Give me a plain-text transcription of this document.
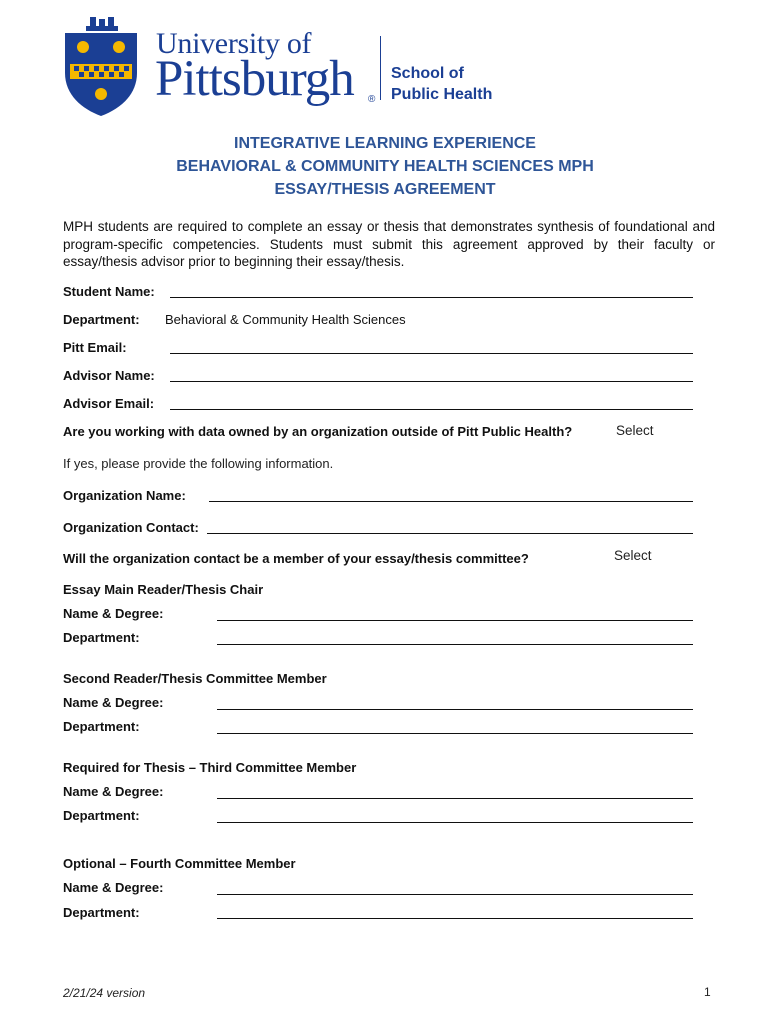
University of
Pittsburgh ®
School of
Public Health
INTEGRATIVE LEARNING EXPERIENCE
BEHAVIORAL & COMMUNITY HEALTH SCIENCES MPH
ESSAY/THESIS AGREEMENT
MPH students are required to complete an essay or thesis that demonstrates synthesis of foundational and program-specific competencies. Students must submit this agreement approved by their faculty or essay/thesis advisor prior to beginning their essay/thesis.
Student Name:
Department: Behavioral & Community Health Sciences
Pitt Email:
Advisor Name:
Advisor Email:
Are you working with data owned by an organization outside of Pitt Public Health?	Select
If yes, please provide the following information.
Organization Name:
Organization Contact:
Will the organization contact be a member of your essay/thesis committee?	Select
Essay Main Reader/Thesis Chair
Name & Degree:
Department:
Second Reader/Thesis Committee Member
Name & Degree:
Department:
Required for Thesis – Third Committee Member
Name & Degree:
Department:
Optional – Fourth Committee Member
Name & Degree:
Department:
2/21/24 version	1
